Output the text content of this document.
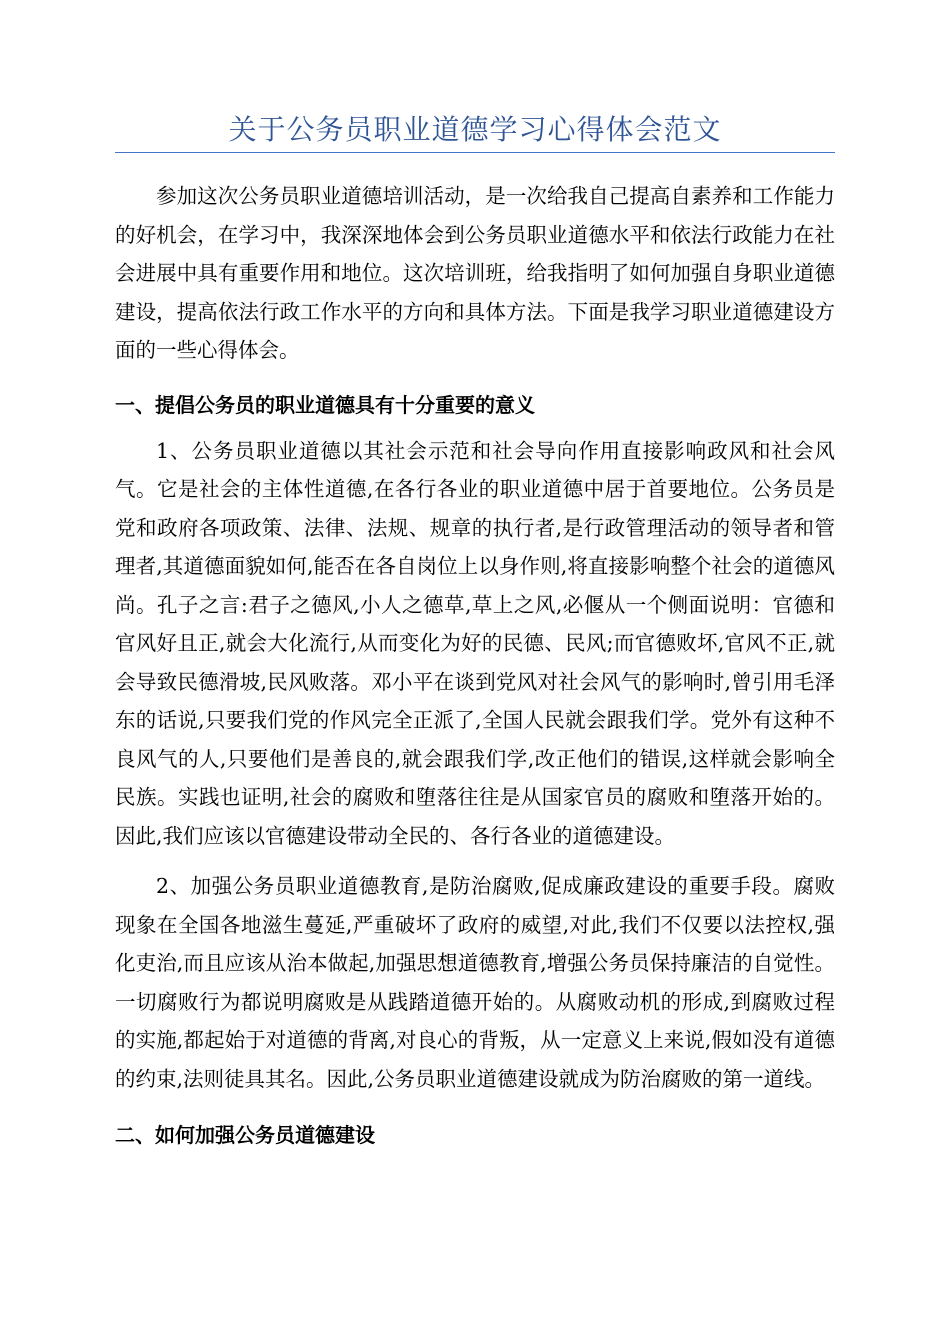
关于公务员职业道德学习心得体会范文

参加这次公务员职业道德培训活动，是一次给我自己提高自素养和工作能力的好机会，在学习中，我深深地体会到公务员职业道德水平和依法行政能力在社会进展中具有重要作用和地位。这次培训班，给我指明了如何加强自身职业道德建设，提高依法行政工作水平的方向和具体方法。下面是我学习职业道德建设方面的一些心得体会。

一、提倡公务员的职业道德具有十分重要的意义

1、公务员职业道德以其社会示范和社会导向作用直接影响政风和社会风气。它是社会的主体性道德,在各行各业的职业道德中居于首要地位。公务员是党和政府各项政策、法律、法规、规章的执行者,是行政管理活动的领导者和管理者,其道德面貌如何,能否在各自岗位上以身作则,将直接影响整个社会的道德风尚。孔子之言:君子之德风,小人之德草,草上之风,必偃从一个侧面说明：官德和官风好且正,就会大化流行,从而变化为好的民德、民风;而官德败坏,官风不正,就会导致民德滑坡,民风败落。邓小平在谈到党风对社会风气的影响时,曾引用毛泽东的话说,只要我们党的作风完全正派了,全国人民就会跟我们学。党外有这种不良风气的人,只要他们是善良的,就会跟我们学,改正他们的错误,这样就会影响全民族。实践也证明,社会的腐败和堕落往往是从国家官员的腐败和堕落开始的。因此,我们应该以官德建设带动全民的、各行各业的道德建设。

2、加强公务员职业道德教育,是防治腐败,促成廉政建设的重要手段。腐败现象在全国各地滋生蔓延,严重破坏了政府的威望,对此,我们不仅要以法控权,强化吏治,而且应该从治本做起,加强思想道德教育,增强公务员保持廉洁的自觉性。一切腐败行为都说明腐败是从践踏道德开始的。从腐败动机的形成,到腐败过程的实施,都起始于对道德的背离,对良心的背叛，从一定意义上来说,假如没有道德的约束,法则徒具其名。因此,公务员职业道德建设就成为防治腐败的第一道线。

二、如何加强公务员道德建设
